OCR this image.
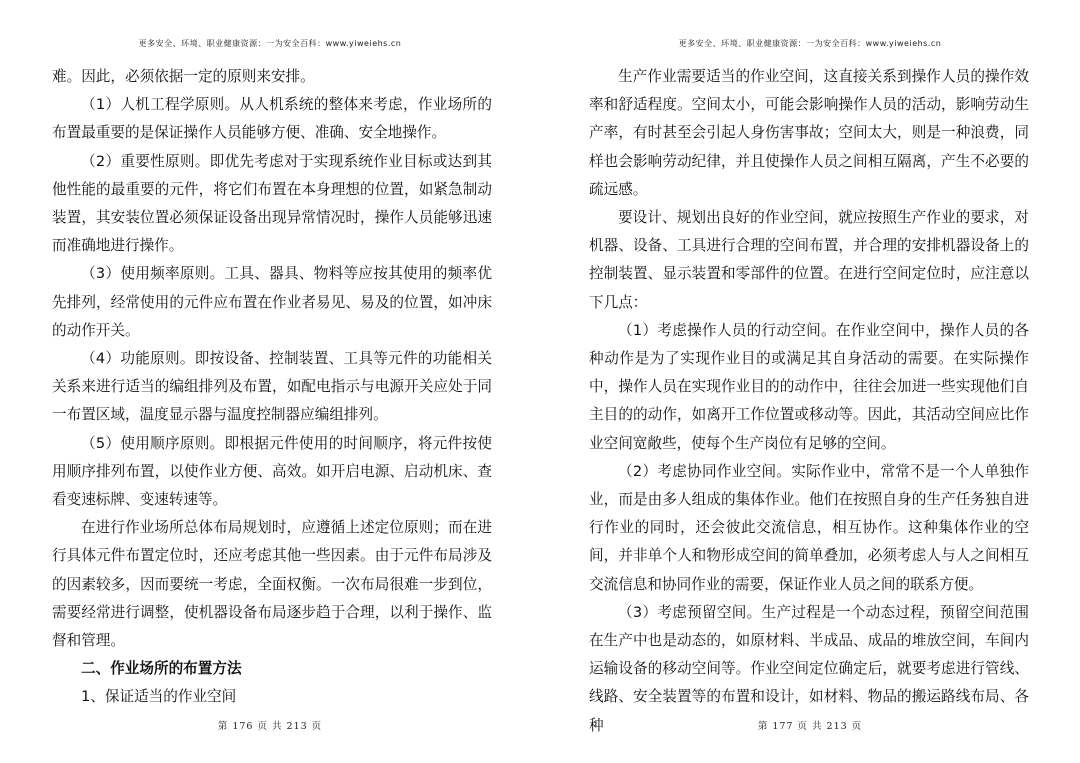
更多安全、环境、职业健康资源：一为安全百科：www.yiweiehs.cn

难。因此，必须依据一定的原则来安排。

（1）人机工程学原则。从人机系统的整体来考虑，作业场所的布置最重要的是保证操作人员能够方便、准确、安全地操作。

（2）重要性原则。即优先考虑对于实现系统作业目标或达到其他性能的最重要的元件，将它们布置在本身理想的位置，如紧急制动装置，其安装位置必须保证设备出现异常情况时，操作人员能够迅速而准确地进行操作。

（3）使用频率原则。工具、器具、物料等应按其使用的频率优先排列，经常使用的元件应布置在作业者易见、易及的位置，如冲床的动作开关。

（4）功能原则。即按设备、控制装置、工具等元件的功能相关关系来进行适当的编组排列及布置，如配电指示与电源开关应处于同一布置区域，温度显示器与温度控制器应编组排列。

（5）使用顺序原则。即根据元件使用的时间顺序，将元件按使用顺序排列布置，以使作业方便、高效。如开启电源、启动机床、查看变速标牌、变速转速等。

在进行作业场所总体布局规划时，应遵循上述定位原则；而在进行具体元件布置定位时，还应考虑其他一些因素。由于元件布局涉及的因素较多，因而要统一考虑，全面权衡。一次布局很难一步到位，需要经常进行调整，使机器设备布局逐步趋于合理，以利于操作、监督和管理。

二、作业场所的布置方法

1、保证适当的作业空间

第 176 页 共 213 页
更多安全、环境、职业健康资源：一为安全百科：www.yiweiehs.cn

生产作业需要适当的作业空间，这直接关系到操作人员的操作效率和舒适程度。空间太小，可能会影响操作人员的活动，影响劳动生产率，有时甚至会引起人身伤害事故；空间太大，则是一种浪费，同样也会影响劳动纪律，并且使操作人员之间相互隔离，产生不必要的疏远感。

要设计、规划出良好的作业空间，就应按照生产作业的要求，对机器、设备、工具进行合理的空间布置，并合理的安排机器设备上的控制装置、显示装置和零部件的位置。在进行空间定位时，应注意以下几点：

（1）考虑操作人员的行动空间。在作业空间中，操作人员的各种动作是为了实现作业目的或满足其自身活动的需要。在实际操作中，操作人员在实现作业目的的动作中，往往会加进一些实现他们自主目的的动作，如离开工作位置或移动等。因此，其活动空间应比作业空间宽敞些，使每个生产岗位有足够的空间。

（2）考虑协同作业空间。实际作业中，常常不是一个人单独作业，而是由多人组成的集体作业。他们在按照自身的生产任务独自进行作业的同时，还会彼此交流信息，相互协作。这种集体作业的空间，并非单个人和物形成空间的简单叠加，必须考虑人与人之间相互交流信息和协同作业的需要，保证作业人员之间的联系方便。

（3）考虑预留空间。生产过程是一个动态过程，预留空间范围在生产中也是动态的，如原材料、半成品、成品的堆放空间，车间内运输设备的移动空间等。作业空间定位确定后，就要考虑进行管线、线路、安全装置等的布置和设计，如材料、物品的搬运路线布局、各种	第 177 页 共 213 页
